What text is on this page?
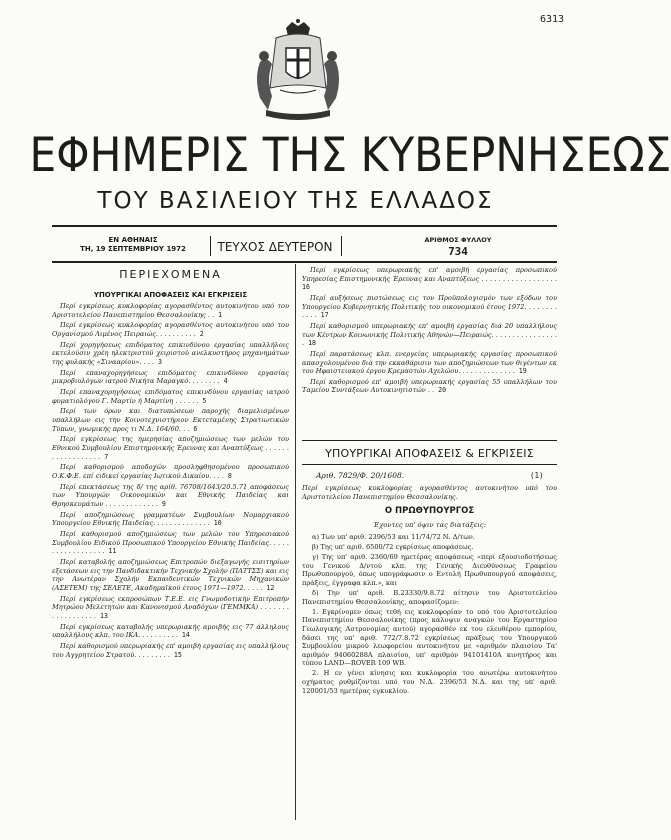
6313
ΕΦΗΜΕΡΙΣ ΤΗΣ ΚΥΒΕΡΝΗΣΕΩΣ
ΤΟΥ ΒΑΣΙΛΕΙΟΥ ΤΗΣ ΕΛΛΑΔΟΣ
ΕΝ ΑΘΗΝΑΙΣ
ΤΗ, 19 ΣΕΠΤΕΜΒΡΙΟΥ 1972	ΤΕΥΧΟΣ ΔΕΥΤΕΡΟΝ	ΑΡΙΘΜΟΣ ΦΥΛΛΟΥ
734
ΠΕΡΙΕΧΟΜΕΝΑ
ΥΠΟΥΡΓΙΚΑΙ ΑΠΟΦΑΣΕΙΣ ΚΑΙ ΕΓΚΡΙΣΕΙΣ
Περί εγκρίσεως κυκλοφορίας αγορασθέντος αυτοκινήτου υπό του Αριστοτελείου Πανεπιστημίου Θεσσαλονίκης . . 1
Περί εγκρίσεως κυκλοφορίας αγορασθέντος αυτοκινήτου υπό του Οργανισμού Λιμένος Πειραιώς. . . . . . . . . . 2
Περί χορηγήσεως επιδόματος επικινδύνου εργασίας υπαλλήλοις εκτελούσιν χρέη ηλεκτριστού χειριστού ανελκυστήρος μηχανημάτων της φυλακής «Σινααρίου». . . . 3
Περί επαναχορηγήσεως επιδόματος επικινδύνου εργασίας μικροβιολόγων ιατρού Νικήτα Μαραγκό. . . . . . . . 4
Περί επαναχορηγήσεως επιδόματος επικινδύνου εργασίας ιατρού φυματιολόγου Γ. Μαρτίν ή Μαρτίνη . . . . . . 5
Περί των όρων και διατυπώσεων παροχής διαμελισμένων υπαλλήλων εις την Κοινοτεχνιστήριον Εκτεταμένης Στρατιωτικών Τύπων, γνωμικής προς τι Ν.Δ. 164/60. . . 6
Περί εγκρίσεως της ημερησίας αποζημιώσεως των μελών του Εθνικού Συμβουλίου Επιστημονικής Έρευνας και Αναπτύξεως . . . . . . . . . . . . . . . . . . 7
Περί καθορισμού αποδοχών προσληφθησομένου προσωπικού Ο.Κ.Φ.Ε. επί ειδικεί εργασίας Ιωτικού Δικαίου. . . . 8
Περί επεκτάσεως της δ/ της αρίθ. 76708/1643/20.5.71 αποφάσεως των Υπουργών Οικονομικών και Εθνικής Παιδείας και Θρησκευμάτων . . . . . . . . . . . . . 9
Περί αποζημιώσεως γραμματέων Συμβουλίων Νομαρχιακού Υπουργείου Εθνικής Παιδείας. . . . . . . . . . . . . . 10
Περί καθορισμού αποζημιώσεως των μελών του Υπηρεσιακού Συμβουλίου Ειδικού Προσωπικού Υπουργείου Εθνικής Παιδείας. . . . . . . . . . . . . . . . . . 11
Περί καταβολής αποζημιώσεως Επιτροπών διεξαγωγής εισιτηρίων εξετάσεων εις την Πανδιδακτικήν Τεχνικήν Σχολήν (ΠΑΤΤΣΣ) και εις την Ανωτέραν Σχολήν Εκπαιδευτικών Τεχνικών Μηχανικών (ΑΣΕΤΕΜ) της ΣΕΛΕΤΕ, Ακαδημαϊκού έτους 1971—1972. . . . . 12
Περί εγκρίσεως εκπροσώπων Τ.Ε.Ε. εις Γνωμοδοτικήν Επιτροπήν Μητρώου Μελετητών και Κανονισμού Αναδόχων (ΓΕΜΜΚΑ) . . . . . . . . . . . . . . . . . . 13
Περί εγκρίσεως καταβολής υπερωριακής αμοιβής εις 77 άλληλους υπαλλήλους κλπ. του ΙΚΑ. . . . . . . . . . 14
Περί καθορισμού υπερωριακής επ' αμοιβή εργασίας εις υπαλλήλους του Αγγρητείου Στρατού. . . . . . . . . 15
Περί εγκρίσεως υπερωριακής επ' αμοιβή εργασίας προσωπικού Υπηρεσίας Επιστημονικής Έρευνας και Αναπτύξεως . . . . . . . . . . . . . . . . . . 16
Περί αυξήσεως πιστώσεως εις τον Προϋπολογισμόν των εξόδων του Υπουργείου Κυβερνητικής Πολιτικής του οικονομικού έτους 1972. . . . . . . . . . . . 17
Περί καθορισμού υπερωριακής επ' αμοιβή εργασίας διά 20 υπαλλήλους των Κέντρων Κοινωνικής Πολιτικής Αθηνών—Πειραιώς. . . . . . . . . . . . . . . . . 18
Περί παρατάσεως κλπ. ενεργείας υπερωριακής εργασίας προσωπικού απασχολουμένου διά την εκκαθάρισιν των αποζημιώσεων των θιγέντων εκ του Ηφαιστειακού έργου Κρεμαστών Αχελώου. . . . . . . . . . . . . . 19
Περί καθορισμού επ' αμοιβή υπερωριακής εργασίας 55 υπαλλήλων του Ταμείου Συντάξεων Αυτοκινητιστών . . 20
ΥΠΟΥΡΓΙΚΑΙ ΑΠΟΦΑΣΕΙΣ & ΕΓΚΡΙΣΕΙΣ
Αριθ. 7829/Φ. 20/1608.	(1)
Περί εγκρίσεως κυκλοφορίας αγορασθέντος αυτοκινήτου υπό του Αριστοτελείου Πανεπιστημίου Θεσσαλονίκης.
Ο ΠΡΩΘΥΠΟΥΡΓΟΣ
Έχοντες υπ' όψιν τας διατάξεις:
α) Των υπ' αριθ. 2396/53 και 11/74/72 Ν. Δ/των.
β) Της υπ' αριθ. 6500/72 εγκρίσεως αποφάσεως.
γ) Της υπ' αριθ. 2360/69 ημετέρας αποφάσεως «περί εξουσιοδοτήσεως του Γενικού Δ/ντού κλπ. της Γενικής Διευθύνσεως Γραφείου Πρωθυπουργού, όπως υπογράφωσιν ο Εντολή Πρωθυπουργού αποφάσεις, πράξεις, έγγραφα κλπ.», και
δ) Την υπ' αριθ. Β.23330/9.8.72 αίτησιν του Αριστοτελείου Πανεπιστημίου Θεσσαλονίκης, αποφασίζομεν:
1. Εγκρίνομεν όπως τεθή εις κυκλοφορίαν το υπό του Αριστοτελείου Πανεπιστημίου Θεσσαλονίκης (προς κάλυψιν αναγκών του Εργαστηρίου Γεωλογικής Αστρονομίας αυτού) αγορασθέν εκ του ελευθέρου εμπορίου, δάσει της υπ' αριθ. 772/7.8.72 εγκρίσεως πράξεως του Υπουργικού Συμβουλίου μικρού λεωφορείου αυτοκινήτου με «αριθμόν πλαισίου Τα' αριθμόν 94060288Α πλαισίου, υπ' αριθμόν 94101410Α κινητήρος και τύπου LAND—ROVER 109 WB.
2. Η εν γένει κίνησις και κυκλοφορία του ανωτέρω αυτοκινήτου οχήματος ρυθμίζονται υπό του Ν.Δ. 2396/53 Ν.Δ. και της υπ' αριθ. 120001/53 ημετέρας εγκυκλίου.
